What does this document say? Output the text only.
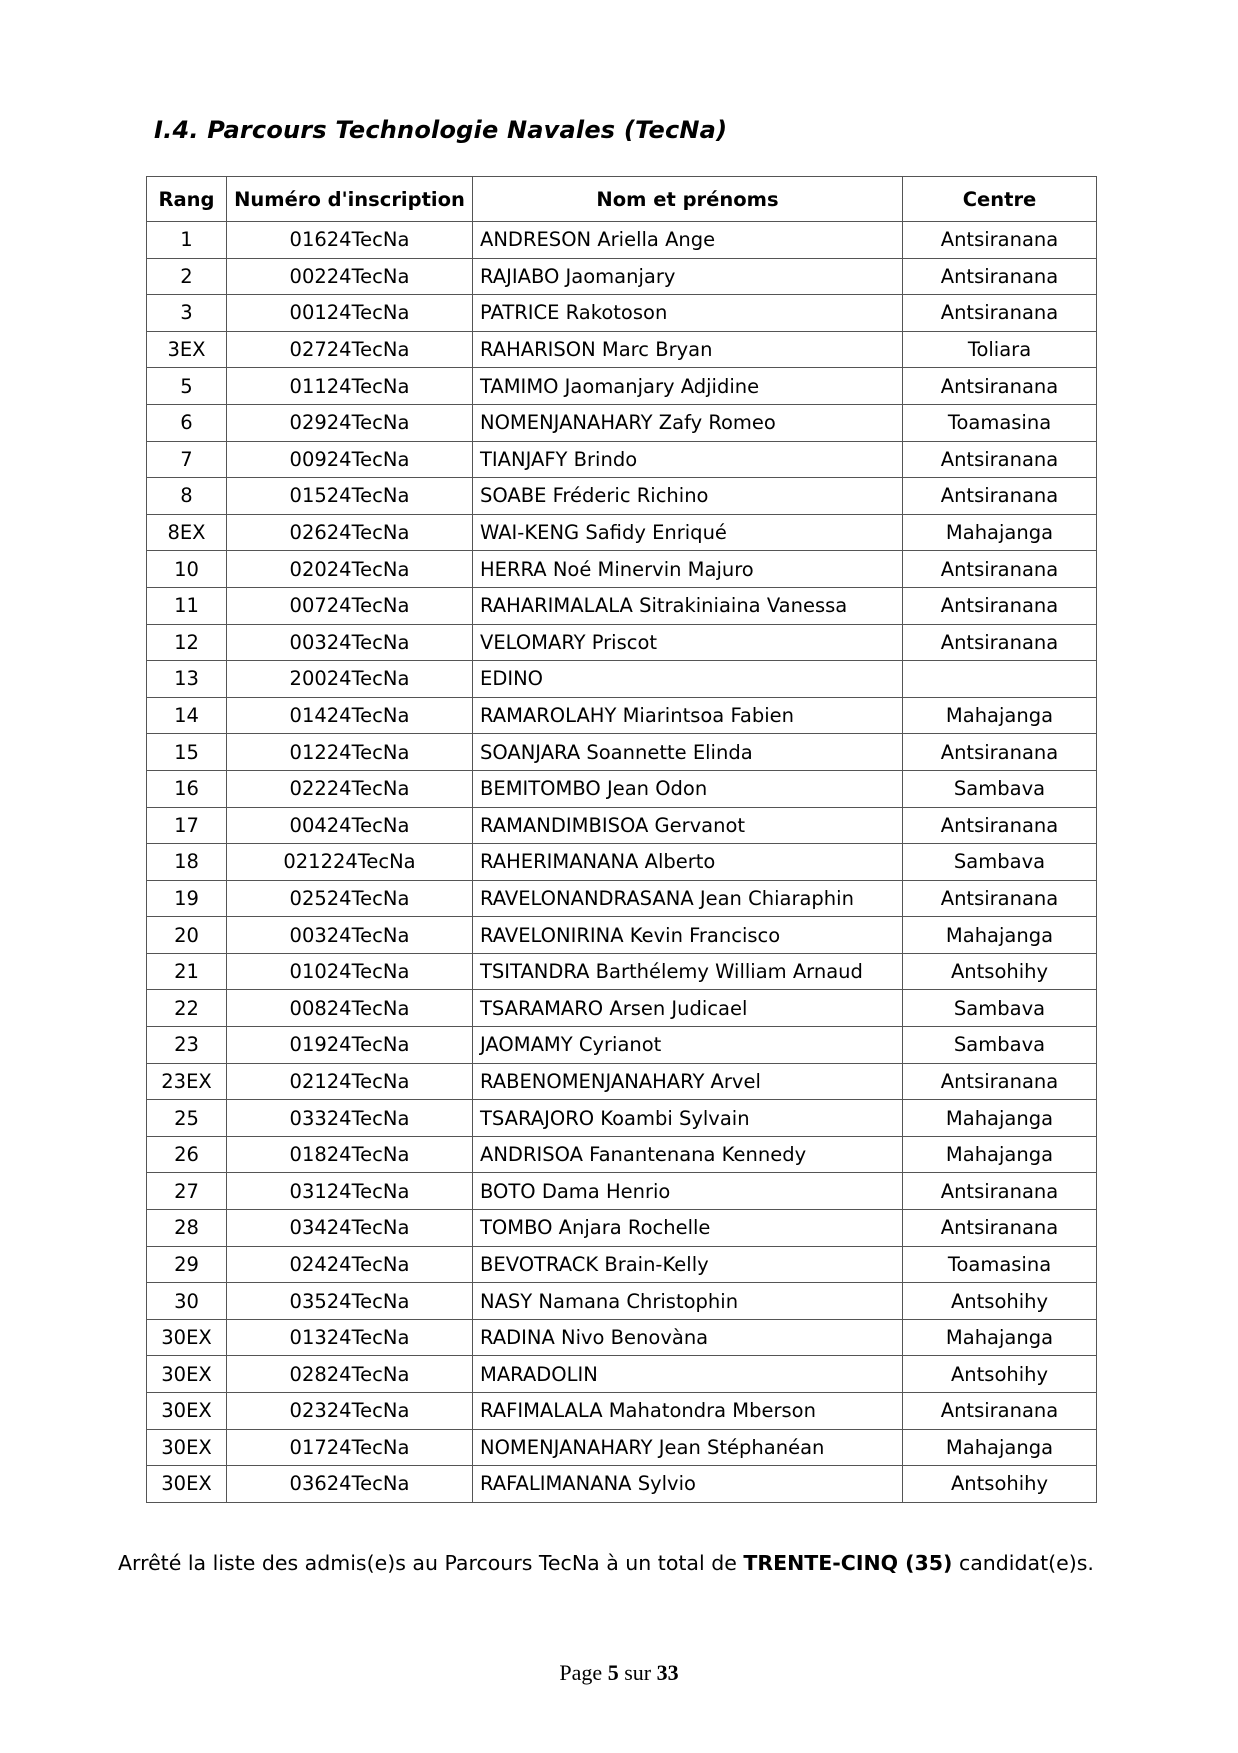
I.4. Parcours Technologie Navales (TecNa)
Rang	Numéro d'inscription	Nom et prénoms	Centre
1	01624TecNa	ANDRESON Ariella Ange	Antsiranana
2	00224TecNa	RAJIABO Jaomanjary	Antsiranana
3	00124TecNa	PATRICE Rakotoson	Antsiranana
3EX	02724TecNa	RAHARISON Marc Bryan	Toliara
5	01124TecNa	TAMIMO Jaomanjary Adjidine	Antsiranana
6	02924TecNa	NOMENJANAHARY Zafy Romeo	Toamasina
7	00924TecNa	TIANJAFY Brindo	Antsiranana
8	01524TecNa	SOABE Fréderic Richino	Antsiranana
8EX	02624TecNa	WAI-KENG Safidy Enriqué	Mahajanga
10	02024TecNa	HERRA Noé Minervin Majuro	Antsiranana
11	00724TecNa	RAHARIMALALA Sitrakiniaina Vanessa	Antsiranana
12	00324TecNa	VELOMARY Priscot	Antsiranana
13	20024TecNa	EDINO	
14	01424TecNa	RAMAROLAHY Miarintsoa Fabien	Mahajanga
15	01224TecNa	SOANJARA Soannette Elinda	Antsiranana
16	02224TecNa	BEMITOMBO Jean Odon	Sambava
17	00424TecNa	RAMANDIMBISOA Gervanot	Antsiranana
18	021224TecNa	RAHERIMANANA Alberto	Sambava
19	02524TecNa	RAVELONANDRASANA Jean Chiaraphin	Antsiranana
20	00324TecNa	RAVELONIRINA Kevin Francisco	Mahajanga
21	01024TecNa	TSITANDRA Barthélemy William Arnaud	Antsohihy
22	00824TecNa	TSARAMARO Arsen Judicael	Sambava
23	01924TecNa	JAOMAMY Cyrianot	Sambava
23EX	02124TecNa	RABENOMENJANAHARY Arvel	Antsiranana
25	03324TecNa	TSARAJORO Koambi Sylvain	Mahajanga
26	01824TecNa	ANDRISOA Fanantenana Kennedy	Mahajanga
27	03124TecNa	BOTO Dama Henrio	Antsiranana
28	03424TecNa	TOMBO Anjara Rochelle	Antsiranana
29	02424TecNa	BEVOTRACK Brain-Kelly	Toamasina
30	03524TecNa	NASY Namana Christophin	Antsohihy
30EX	01324TecNa	RADINA Nivo Benovàna	Mahajanga
30EX	02824TecNa	MARADOLIN	Antsohihy
30EX	02324TecNa	RAFIMALALA Mahatondra Mberson	Antsiranana
30EX	01724TecNa	NOMENJANAHARY Jean Stéphanéan	Mahajanga
30EX	03624TecNa	RAFALIMANANA Sylvio	Antsohihy
Arrêté la liste des admis(e)s au Parcours TecNa à un total de TRENTE-CINQ (35) candidat(e)s.
Page 5 sur 33
